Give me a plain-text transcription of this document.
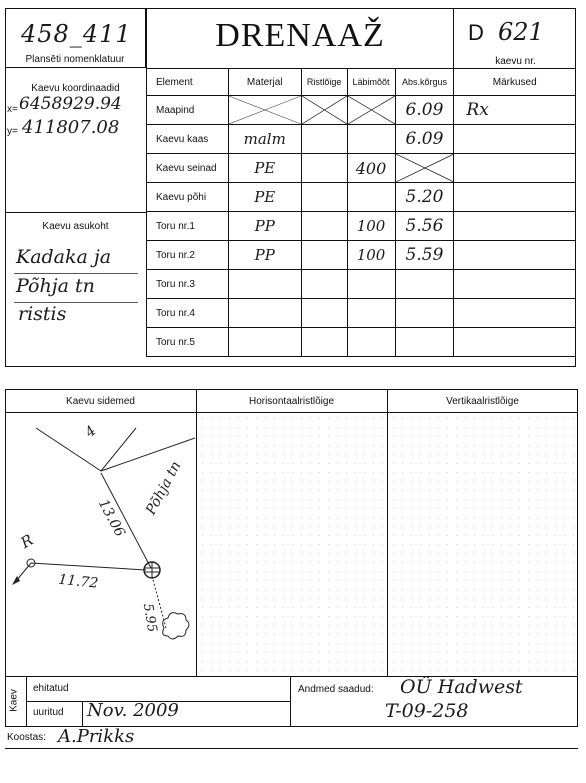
458_411
Plansēti nomenklatuur
Kaevu koordinaadid
x= 6458929.94
y= 411807.08
Kaevu asukoht
Kadaka ja
Põhja tn
ristis
DRENAAŽ	D 621
kaevu nr.
Element	Materjal	Ristlõige	Läbimõõt	Abs.kõrgus	Märkused
Maapind				6.09	Rx
Kaevu kaas	malm			6.09	
Kaevu seinad	PE		400	

Kaevu põhi	PE			5.20	
Toru nr.1	PP		100	5.56	
Toru nr.2	PP		100	5.59	
Toru nr.3					
Toru nr.4					
Toru nr.5					
Kaevu sidemed	Horisontaalristlõige	Vertikaalristlõige
4
Põhja tn
13.06
11.72
5.95
R
Kaev
ehitatud
uuritud Nov. 2009
Andmed saadud: OÜ Hadwest
T-09-258
Koostas: A.Prikks
